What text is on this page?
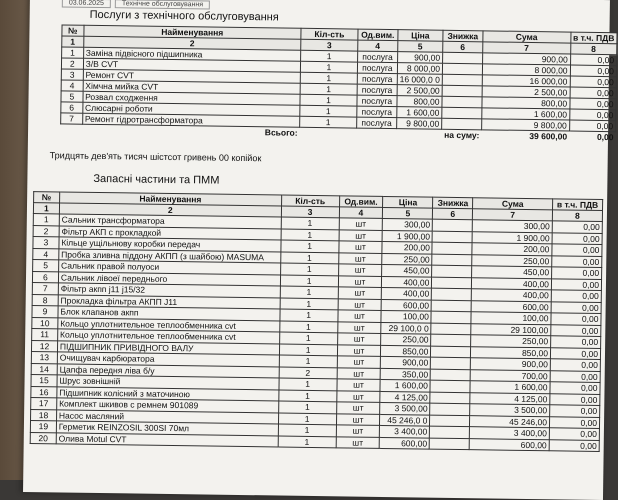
03.06.2025	Технічне обслуговування
Послуги з технічного обслуговування
№	Найменування	Кіл-сть	Од.вим.	Ціна	Знижка	Сума	в т.ч. ПДВ
1	2	3	4	5	6	7	8
1	Заміна підвісного підшипника	1	послуга	900,00		900,00	0,00
2	З/В CVT	1	послуга	8 000,00		8 000,00	0,00
3	Ремонт CVT	1	послуга	16 000,0 0		16 000,00	0,00
4	Хімчна мийка CVT	1	послуга	2 500,00		2 500,00	0,00
5	Розвал сходження	1	послуга	800,00		800,00	0,00
6	Слюсарні роботи	1	послуга	1 600,00		1 600,00	0,00
7	Ремонт гідротрансформатора	1	послуга	9 800,00		9 800,00	0,00
Всього:		на суму:				39 600,00	0,00
Тридцять дев'ять тисяч шістсот гривень 00 копійок
Запасні частини та ПММ
№	Найменування	Кіл-сть	Од.вим.	Ціна	Знижка	Сума	в т.ч. ПДВ
1	2	3	4	5	6	7	8
1	Сальник трансформатора	1	шт	300,00		300,00	0,00
2	Фільтр АКП с прокладкой	1	шт	1 900,00		1 900,00	0,00
3	Кільце ущільнюву коробки передач	1	шт	200,00		200,00	0,00
4	Пробка зливна піддону АКПП (з шайбою) MASUMA	1	шт	250,00		250,00	0,00
5	Сальник правой полуоси	1	шт	450,00		450,00	0,00
6	Сальник лівоеї переднього	1	шт	400,00		400,00	0,00
7	Фільтр акпп j11 j15/32	1	шт	400,00		400,00	0,00
8	Прокладка фільтра АКПП J11	1	шт	600,00		600,00	0,00
9	Блок клапанов акпп	1	шт	100,00		100,00	0,00
10	Кольцо уплотнительное теплообменника cvt	1	шт	29 100,0 0		29 100,00	0,00
11	Кольцо уплотнительное теплообменника cvt	1	шт	250,00		250,00	0,00
12	ПІДШИПНИК ПРИВІДНОГО ВАЛУ	1	шт	850,00		850,00	0,00
13	Очищувач карбюратора	1	шт	900,00		900,00	0,00
14	Цапфа передня ліва б/у	2	шт	350,00		700,00	0,00
15	Шрус зовнішній	1	шт	1 600,00		1 600,00	0,00
16	Підшипник колісний з маточиною	1	шт	4 125,00		4 125,00	0,00
17	Комплект шкивов с ремнем 901089	1	шт	3 500,00		3 500,00	0,00
18	Насос масляний	1	шт	45 246,0 0		45 246,00	0,00
19	Герметик REINZOSIL 300SI 70мл	1	шт	3 400,00		3 400,00	0,00
20	Олива Motul CVT	1	шт	600,00		600,00	0,00
